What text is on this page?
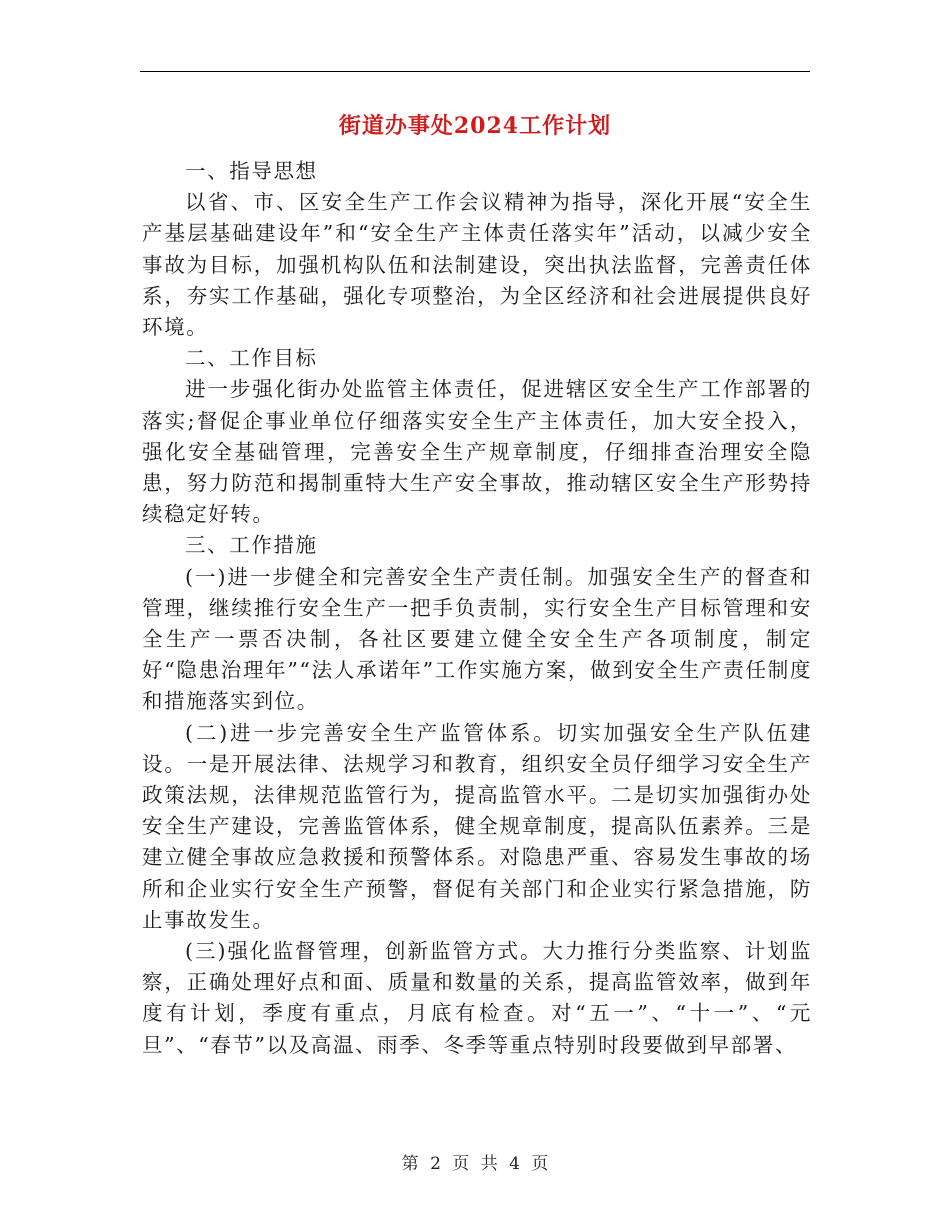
街道办事处2024工作计划

一、指导思想

以省、市、区安全生产工作会议精神为指导，深化开展“安全生产基层基础建设年”和“安全生产主体责任落实年”活动，以减少安全事故为目标，加强机构队伍和法制建设，突出执法监督，完善责任体系，夯实工作基础，强化专项整治，为全区经济和社会进展提供良好环境。

二、工作目标

进一步强化街办处监管主体责任，促进辖区安全生产工作部署的落实;督促企事业单位仔细落实安全生产主体责任，加大安全投入，强化安全基础管理，完善安全生产规章制度，仔细排查治理安全隐患，努力防范和揭制重特大生产安全事故，推动辖区安全生产形势持续稳定好转。

三、工作措施

(一)进一步健全和完善安全生产责任制。加强安全生产的督查和管理，继续推行安全生产一把手负责制，实行安全生产目标管理和安全生产一票否决制，各社区要建立健全安全生产各项制度，制定好“隐患治理年”“法人承诺年”工作实施方案，做到安全生产责任制度和措施落实到位。

(二)进一步完善安全生产监管体系。切实加强安全生产队伍建设。一是开展法律、法规学习和教育，组织安全员仔细学习安全生产政策法规，法律规范监管行为，提高监管水平。二是切实加强街办处安全生产建设，完善监管体系，健全规章制度，提高队伍素养。三是建立健全事故应急救援和预警体系。对隐患严重、容易发生事故的场所和企业实行安全生产预警，督促有关部门和企业实行紧急措施，防止事故发生。

(三)强化监督管理，创新监管方式。大力推行分类监察、计划监察，正确处理好点和面、质量和数量的关系，提高监管效率，做到年度有计划，季度有重点，月底有检查。对“五一”、“十一”、“元旦”、“春节”以及高温、雨季、冬季等重点特别时段要做到早部署、

第 2 页 共 4 页
